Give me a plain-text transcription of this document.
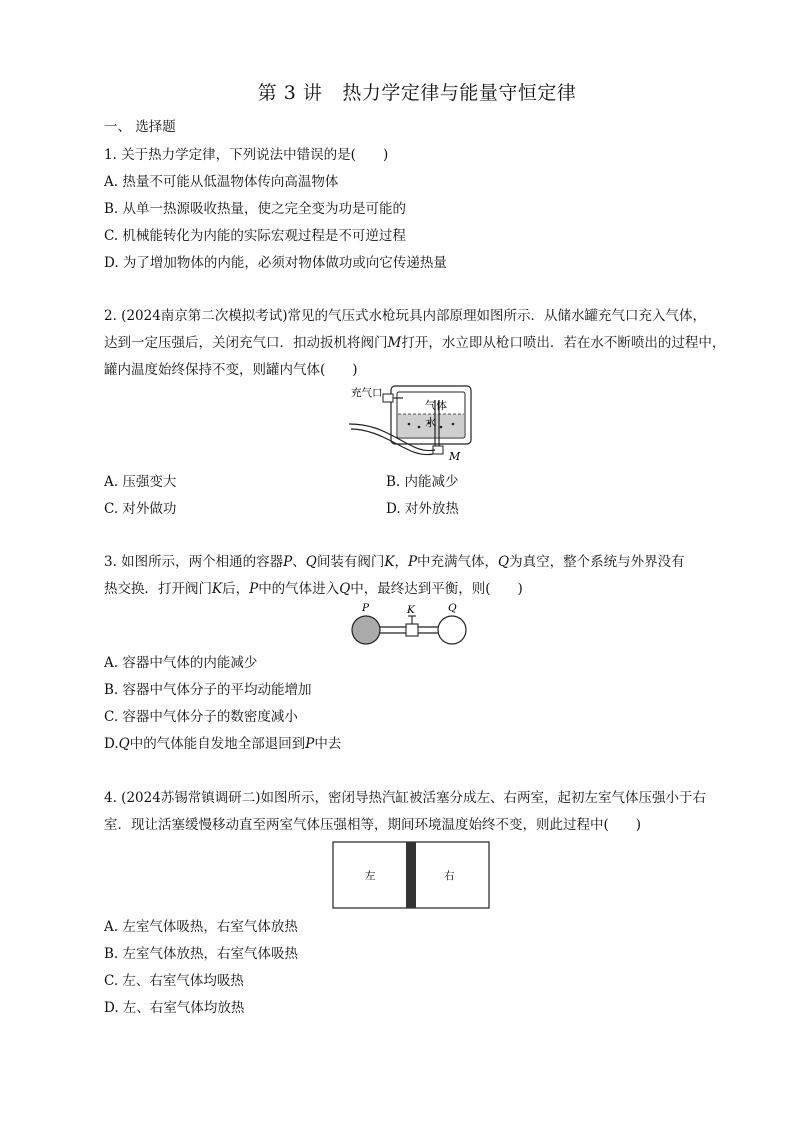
第 3 讲 热力学定律与能量守恒定律
一、 选择题
1. 关于热力学定律，下列说法中错误的是(　　)
A. 热量不可能从低温物体传向高温物体
B. 从单一热源吸收热量，使之完全变为功是可能的
C. 机械能转化为内能的实际宏观过程是不可逆过程
D. 为了增加物体的内能，必须对物体做功或向它传递热量
2. (2024南京第二次模拟考试)常见的气压式水枪玩具内部原理如图所示．从储水罐充气口充入气体，
达到一定压强后，关闭充气口．扣动扳机将阀门M打开，水立即从枪口喷出．若在水不断喷出的过程中，
罐内温度始终保持不变，则罐内气体(　　)
充气口
气体
水
M
A. 压强变大	B. 内能减少
C. 对外做功	D. 对外放热
3. 如图所示，两个相通的容器P、Q间装有阀门K，P中充满气体，Q为真空，整个系统与外界没有
热交换．打开阀门K后，P中的气体进入Q中，最终达到平衡，则(　　)
P	K	Q
A. 容器中气体的内能减少
B. 容器中气体分子的平均动能增加
C. 容器中气体分子的数密度减小
D.Q中的气体能自发地全部退回到P中去
4. (2024苏锡常镇调研二)如图所示，密闭导热汽缸被活塞分成左、右两室，起初左室气体压强小于右
室．现让活塞缓慢移动直至两室气体压强相等，期间环境温度始终不变，则此过程中(　　)
左	右
A. 左室气体吸热，右室气体放热
B. 左室气体放热，右室气体吸热
C. 左、右室气体均吸热
D. 左、右室气体均放热
